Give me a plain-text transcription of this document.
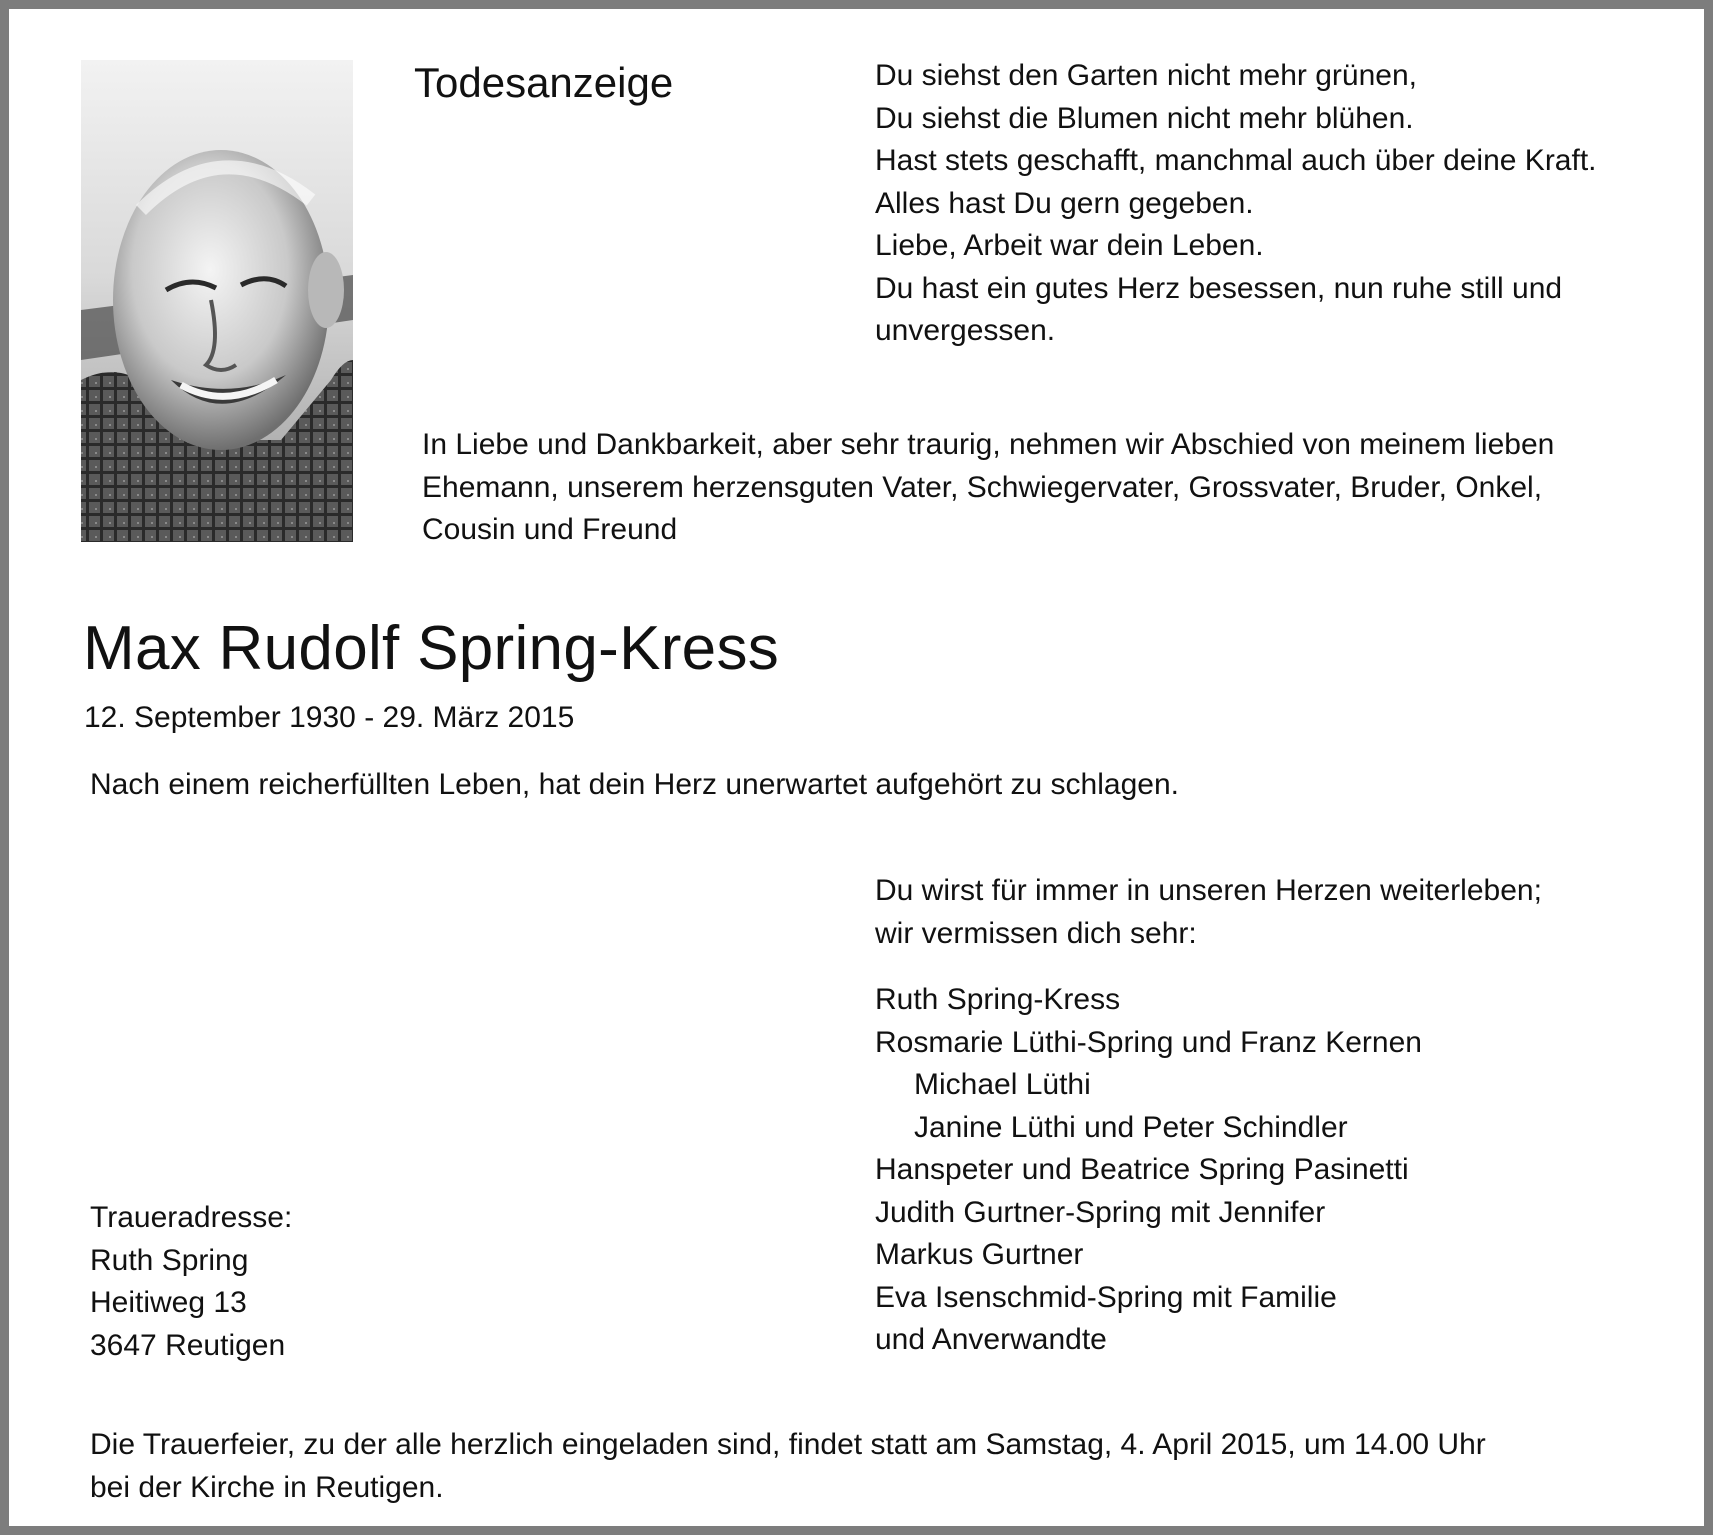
Todesanzeige	Du siehst den Garten nicht mehr grünen,
Du siehst die Blumen nicht mehr blühen.
Hast stets geschafft, manchmal auch über deine Kraft.
Alles hast Du gern gegeben.
Liebe, Arbeit war dein Leben.
Du hast ein gutes Herz besessen, nun ruhe still und
unvergessen.
In Liebe und Dankbarkeit, aber sehr traurig, nehmen wir Abschied von meinem lieben
Ehemann, unserem herzensguten Vater, Schwiegervater, Grossvater, Bruder, Onkel,
Cousin und Freund
Max Rudolf Spring-Kress
12. September 1930 - 29. März 2015
Nach einem reicherfüllten Leben, hat dein Herz unerwartet aufgehört zu schlagen.
Du wirst für immer in unseren Herzen weiterleben;
wir vermissen dich sehr:
Ruth Spring-Kress
Rosmarie Lüthi-Spring und Franz Kernen
Michael Lüthi
Janine Lüthi und Peter Schindler
Hanspeter und Beatrice Spring Pasinetti
Judith Gurtner-Spring mit Jennifer
Markus Gurtner
Eva Isenschmid-Spring mit Familie
und Anverwandte
Traueradresse:
Ruth Spring
Heitiweg 13
3647 Reutigen
Die Trauerfeier, zu der alle herzlich eingeladen sind, findet statt am Samstag, 4. April 2015, um 14.00 Uhr
bei der Kirche in Reutigen.
